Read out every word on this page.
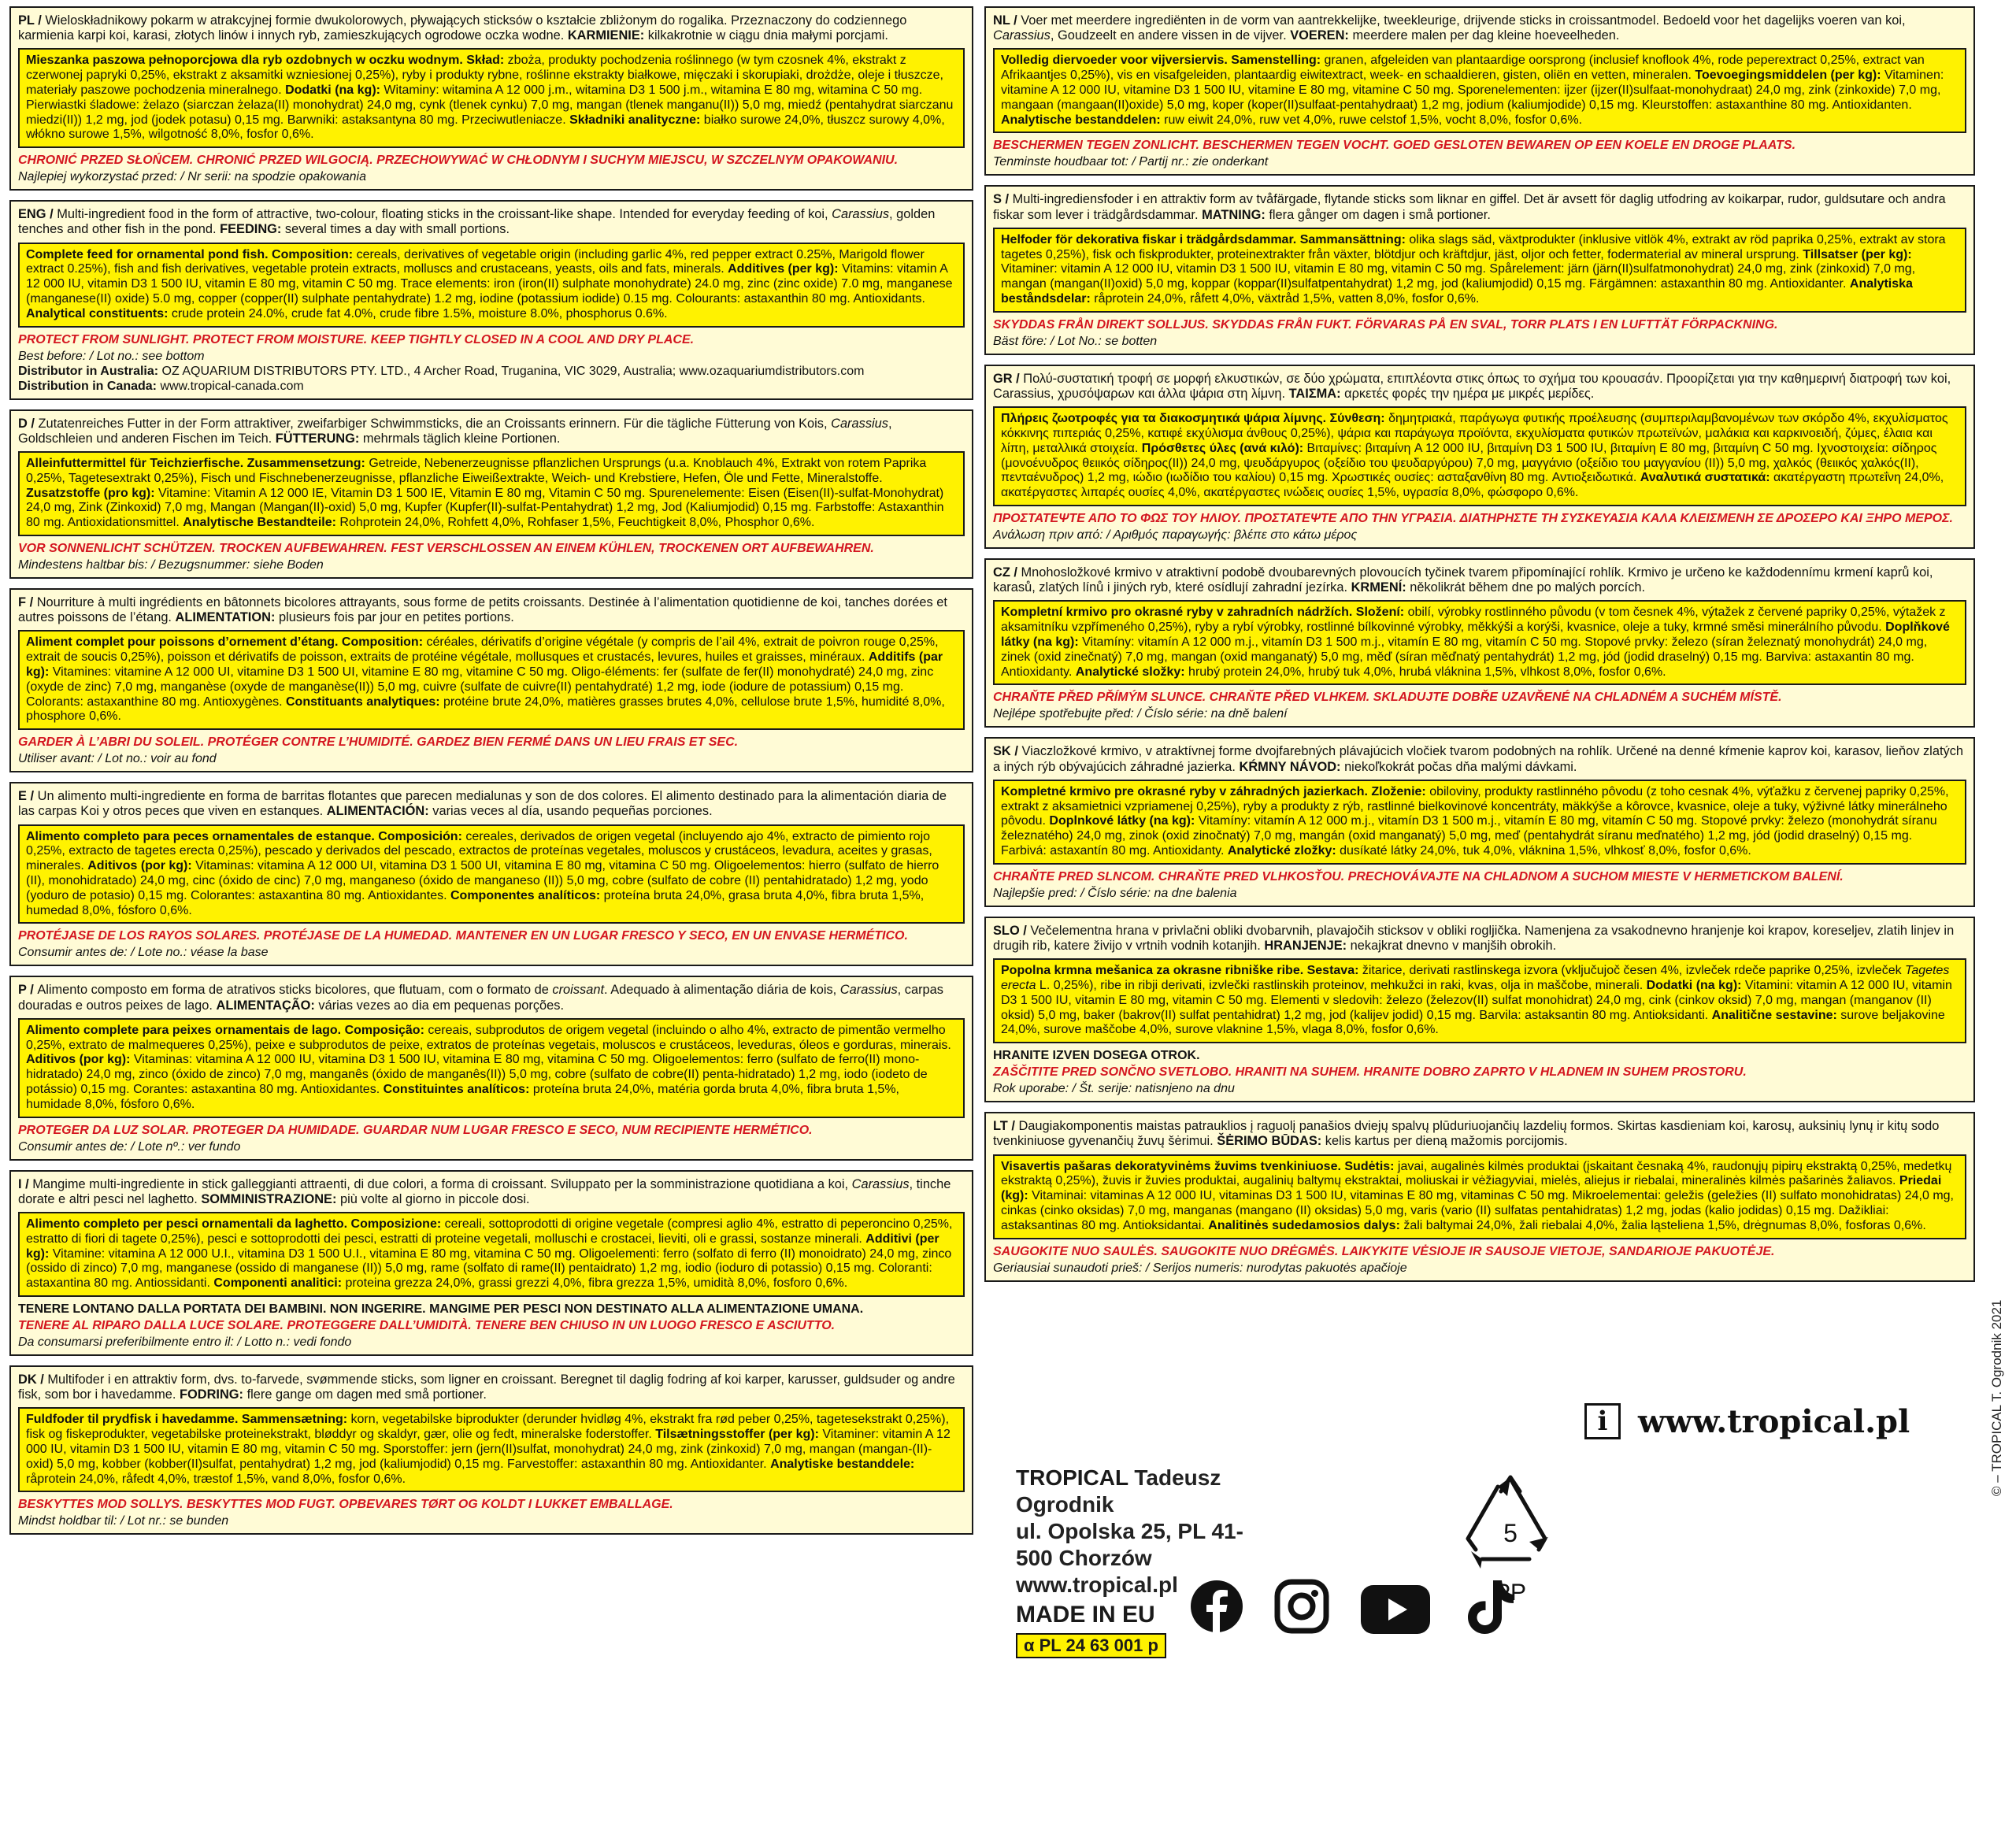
PL / Wieloskładnikowy pokarm w atrakcyjnej formie dwukolorowych, pływających sticksów o kształcie zbliżonym do rogalika. Przeznaczony do codziennego karmienia karpi koi, karasi, złotych linów i innych ryb, zamieszkujących ogrodowe oczka wodne. KARMIENIE: kilkakrotnie w ciągu dnia małymi porcjami.

Mieszanka paszowa pełnoporcjowa dla ryb ozdobnych w oczku wodnym. Skład: zboża, produkty pochodzenia roślinnego (w tym czosnek 4%, ekstrakt z czerwonej papryki 0,25%, ekstrakt z aksamitki wzniesionej 0,25%), ryby i produkty rybne, roślinne ekstrakty białkowe, mięczaki i skorupiaki, drożdże, oleje i tłuszcze, materiały paszowe pochodzenia mineralnego. Dodatki (na kg): Witaminy: witamina A 12 000 j.m., witamina D3 1 500 j.m., witamina E 80 mg, witamina C 50 mg. Pierwiastki śladowe: żelazo (siarczan żelaza(II) monohydrat) 24,0 mg, cynk (tlenek cynku) 7,0 mg, mangan (tlenek manganu(II)) 5,0 mg, miedź (pentahydrat siarczanu miedzi(II)) 1,2 mg, jod (jodek potasu) 0,15 mg. Barwniki: astaksantyna 80 mg. Przeciwutleniacze. Składniki analityczne: białko surowe 24,0%, tłuszcz surowy 4,0%, włókno surowe 1,5%, wilgotność 8,0%, fosfor 0,6%.

CHRONIĆ PRZED SŁOŃCEM. CHRONIĆ PRZED WILGOCIĄ. PRZECHOWYWAĆ W CHŁODNYM I SUCHYM MIEJSCU, W SZCZELNYM OPAKOWANIU.

Najlepiej wykorzystać przed: / Nr serii: na spodzie opakowania

ENG / Multi-ingredient food in the form of attractive, two-colour, floating sticks in the croissant-like shape. Intended for everyday feeding of koi, Carassius, golden tenches and other fish in the pond. FEEDING: several times a day with small portions.

Complete feed for ornamental pond fish. Composition: cereals, derivatives of vegetable origin (including garlic 4%, red pepper extract 0.25%, Marigold flower extract 0.25%), fish and fish derivatives, vegetable protein extracts, molluscs and crustaceans, yeasts, oils and fats, minerals. Additives (per kg): Vitamins: vitamin A 12 000 IU, vitamin D3 1 500 IU, vitamin E 80 mg, vitamin C 50 mg. Trace elements: iron (iron(II) sulphate monohydrate) 24.0 mg, zinc (zinc oxide) 7.0 mg, manganese (manganese(II) oxide) 5.0 mg, copper (copper(II) sulphate pentahydrate) 1.2 mg, iodine (potassium iodide) 0.15 mg. Colourants: astaxanthin 80 mg. Antioxidants. Analytical constituents: crude protein 24.0%, crude fat 4.0%, crude fibre 1.5%, moisture 8.0%, phosphorus 0.6%.

PROTECT FROM SUNLIGHT. PROTECT FROM MOISTURE. KEEP TIGHTLY CLOSED IN A COOL AND DRY PLACE.

Best before: / Lot no.: see bottom

Distributor in Australia: OZ AQUARIUM DISTRIBUTORS PTY. LTD., 4 Archer Road, Truganina, VIC 3029, Australia; www.ozaquariumdistributors.com

Distribution in Canada: www.tropical-canada.com

D / Zutatenreiches Futter in der Form attraktiver, zweifarbiger Schwimmsticks, die an Croissants erinnern. Für die tägliche Fütterung von Kois, Carassius, Goldschleien und anderen Fischen im Teich. FÜTTERUNG: mehrmals täglich kleine Portionen.

Alleinfuttermittel für Teichzierfische. Zusammensetzung: Getreide, Nebenerzeugnisse pflanzlichen Ursprungs (u.a. Knoblauch 4%, Extrakt von rotem Paprika 0,25%, Tagetesextrakt 0,25%), Fisch und Fischnebenerzeugnisse, pflanzliche Eiweißextrakte, Weich- und Krebstiere, Hefen, Öle und Fette, Mineralstoffe. Zusatzstoffe (pro kg): Vitamine: Vitamin A 12 000 IE, Vitamin D3 1 500 IE, Vitamin E 80 mg, Vitamin C 50 mg. Spurenelemente: Eisen (Eisen(II)-sulfat-Monohydrat) 24,0 mg, Zink (Zinkoxid) 7,0 mg, Mangan (Mangan(II)-oxid) 5,0 mg, Kupfer (Kupfer(II)-sulfat-Pentahydrat) 1,2 mg, Jod (Kaliumjodid) 0,15 mg. Farbstoffe: Astaxanthin 80 mg. Antioxidationsmittel. Analytische Bestandteile: Rohprotein 24,0%, Rohfett 4,0%, Rohfaser 1,5%, Feuchtigkeit 8,0%, Phosphor 0,6%.

VOR SONNENLICHT SCHÜTZEN. TROCKEN AUFBEWAHREN. FEST VERSCHLOSSEN AN EINEM KÜHLEN, TROCKENEN ORT AUFBEWAHREN.

Mindestens haltbar bis: / Bezugsnummer: siehe Boden

F / Nourriture à multi ingrédients en bâtonnets bicolores attrayants, sous forme de petits croissants. Destinée à l’alimentation quotidienne de koi, tanches dorées et autres poissons de l’étang. ALIMENTATION: plusieurs fois par jour en petites portions.

Aliment complet pour poissons d’ornement d’étang. Composition: céréales, dérivatifs d’origine végétale (y compris de l’ail 4%, extrait de poivron rouge 0,25%, extrait de soucis 0,25%), poisson et dérivatifs de poisson, extraits de protéine végétale, mollusques et crustacés, levures, huiles et graisses, minéraux. Additifs (par kg): Vitamines: vitamine A 12 000 UI, vitamine D3 1 500 UI, vitamine E 80 mg, vitamine C 50 mg. Oligo-éléments: fer (sulfate de fer(II) monohydraté) 24,0 mg, zinc (oxyde de zinc) 7,0 mg, manganèse (oxyde de manganèse(II)) 5,0 mg, cuivre (sulfate de cuivre(II) pentahydraté) 1,2 mg, iode (iodure de potassium) 0,15 mg. Colorants: astaxanthine 80 mg. Antioxygènes. Constituants analytiques: protéine brute 24,0%, matières grasses brutes 4,0%, cellulose brute 1,5%, humidité 8,0%, phosphore 0,6%.

GARDER À L’ABRI DU SOLEIL. PROTÉGER CONTRE L’HUMIDITÉ. GARDEZ BIEN FERMÉ DANS UN LIEU FRAIS ET SEC.

Utiliser avant: / Lot no.: voir au fond

E / Un alimento multi-ingrediente en forma de barritas flotantes que parecen medialunas y son de dos colores. El alimento destinado para la alimentación diaria de las carpas Koi y otros peces que viven en estanques. ALIMENTACIÓN: varias veces al día, usando pequeñas porciones.

Alimento completo para peces ornamentales de estanque. Composición: cereales, derivados de origen vegetal (incluyendo ajo 4%, extracto de pimiento rojo 0,25%, extracto de tagetes erecta 0,25%), pescado y derivados del pescado, extractos de proteínas vegetales, moluscos y crustáceos, levadura, aceites y grasas, minerales. Aditivos (por kg): Vitaminas: vitamina A 12 000 UI, vitamina D3 1 500 UI, vitamina E 80 mg, vitamina C 50 mg. Oligoelementos: hierro (sulfato de hierro (II), monohidratado) 24,0 mg, cinc (óxido de cinc) 7,0 mg, manganeso (óxido de manganeso (II)) 5,0 mg, cobre (sulfato de cobre (II) pentahidratado) 1,2 mg, yodo (yoduro de potasio) 0,15 mg. Colorantes: astaxantina 80 mg. Antioxidantes. Componentes analíticos: proteína bruta 24,0%, grasa bruta 4,0%, fibra bruta 1,5%, humedad 8,0%, fósforo 0,6%.

PROTÉJASE DE LOS RAYOS SOLARES. PROTÉJASE DE LA HUMEDAD. MANTENER EN UN LUGAR FRESCO Y SECO, EN UN ENVASE HERMÉTICO.

Consumir antes de: / Lote no.: véase la base

P / Alimento composto em forma de atrativos sticks bicolores, que flutuam, com o formato de croissant. Adequado à alimentação diária de kois, Carassius, carpas douradas e outros peixes de lago. ALIMENTAÇÃO: várias vezes ao dia em pequenas porções.

Alimento complete para peixes ornamentais de lago. Composição: cereais, subprodutos de origem vegetal (incluindo o alho 4%, extracto de pimentão vermelho 0,25%, extrato de malmequeres 0,25%), peixe e subprodutos de peixe, extratos de proteínas vegetais, moluscos e crustáceos, leveduras, óleos e gorduras, minerais. Aditivos (por kg): Vitaminas: vitamina A 12 000 IU, vitamina D3 1 500 IU, vitamina E 80 mg, vitamina C 50 mg. Oligoelementos: ferro (sulfato de ferro(II) mono-hidratado) 24,0 mg, zinco (óxido de zinco) 7,0 mg, manganês (óxido de manganês(II)) 5,0 mg, cobre (sulfato de cobre(II) penta-hidratado) 1,2 mg, iodo (iodeto de potássio) 0,15 mg. Corantes: astaxantina 80 mg. Antioxidantes. Constituintes analíticos: proteína bruta 24,0%, matéria gorda bruta 4,0%, fibra bruta 1,5%, humidade 8,0%, fósforo 0,6%.

PROTEGER DA LUZ SOLAR. PROTEGER DA HUMIDADE. GUARDAR NUM LUGAR FRESCO E SECO, NUM RECIPIENTE HERMÉTICO.

Consumir antes de: / Lote nº.: ver fundo

I / Mangime multi-ingrediente in stick galleggianti attraenti, di due colori, a forma di croissant. Sviluppato per la somministrazione quotidiana a koi, Carassius, tinche dorate e altri pesci nel laghetto. SOMMINISTRAZIONE: più volte al giorno in piccole dosi.

Alimento completo per pesci ornamentali da laghetto. Composizione: cereali, sottoprodotti di origine vegetale (compresi aglio 4%, estratto di peperoncino 0,25%, estratto di fiori di tagete 0,25%), pesci e sottoprodotti dei pesci, estratti di proteine vegetali, molluschi e crostacei, lieviti, oli e grassi, sostanze minerali. Additivi (per kg): Vitamine: vitamina A 12 000 U.I., vitamina D3 1 500 U.I., vitamina E 80 mg, vitamina C 50 mg. Oligoelementi: ferro (solfato di ferro (II) monoidrato) 24,0 mg, zinco (ossido di zinco) 7,0 mg, manganese (ossido di manganese (II)) 5,0 mg, rame (solfato di rame(II) pentaidrato) 1,2 mg, iodio (ioduro di potassio) 0,15 mg. Coloranti: astaxantina 80 mg. Antiossidanti. Componenti analitici: proteina grezza 24,0%, grassi grezzi 4,0%, fibra grezza 1,5%, umidità 8,0%, fosforo 0,6%.

TENERE LONTANO DALLA PORTATA DEI BAMBINI. NON INGERIRE. MANGIME PER PESCI NON DESTINATO ALLA ALIMENTAZIONE UMANA.

TENERE AL RIPARO DALLA LUCE SOLARE. PROTEGGERE DALL’UMIDITÀ. TENERE BEN CHIUSO IN UN LUOGO FRESCO E ASCIUTTO.

Da consumarsi preferibilmente entro il: / Lotto n.: vedi fondo

DK / Multifoder i en attraktiv form, dvs. to-farvede, svømmende sticks, som ligner en croissant. Beregnet til daglig fodring af koi karper, karusser, guldsuder og andre fisk, som bor i havedamme. FODRING: flere gange om dagen med små portioner.

Fuldfoder til prydfisk i havedamme. Sammensætning: korn, vegetabilske biprodukter (derunder hvidløg 4%, ekstrakt fra rød peber 0,25%, tagetesekstrakt 0,25%), fisk og fiskeprodukter, vegetabilske proteinekstrakt, bløddyr og skaldyr, gær, olie og fedt, mineralske foderstoffer. Tilsætningsstoffer (per kg): Vitaminer: vitamin A 12 000 IU, vitamin D3 1 500 IU, vitamin E 80 mg, vitamin C 50 mg. Sporstoffer: jern (jern(II)sulfat, monohydrat) 24,0 mg, zink (zinkoxid) 7,0 mg, mangan (mangan-(II)-oxid) 5,0 mg, kobber (kobber(II)sulfat, pentahydrat) 1,2 mg, jod (kaliumjodid) 0,15 mg. Farvestoffer: astaxanthin 80 mg. Antioxidanter. Analytiske bestanddele: råprotein 24,0%, råfedt 4,0%, træstof 1,5%, vand 8,0%, fosfor 0,6%.

BESKYTTES MOD SOLLYS. BESKYTTES MOD FUGT. OPBEVARES TØRT OG KOLDT I LUKKET EMBALLAGE.

Mindst holdbar til: / Lot nr.: se bunden

NL / Voer met meerdere ingrediënten in de vorm van aantrekkelijke, tweekleurige, drijvende sticks in croissantmodel. Bedoeld voor het dagelijks voeren van koi, Carassius, Goudzeelt en andere vissen in de vijver. VOEREN: meerdere malen per dag kleine hoeveelheden.

Volledig diervoeder voor vijversiervis. Samenstelling: granen, afgeleiden van plantaardige oorsprong (inclusief knoflook 4%, rode peperextract 0,25%, extract van Afrikaantjes 0,25%), vis en visafgeleiden, plantaardig eiwitextract, week- en schaaldieren, gisten, oliën en vetten, mineralen. Toevoegingsmiddelen (per kg): Vitaminen: vitamine A 12 000 IU, vitamine D3 1 500 IU, vitamine E 80 mg, vitamine C 50 mg. Sporenelementen: ijzer (ijzer(II)sulfaat-monohydraat) 24,0 mg, zink (zinkoxide) 7,0 mg, mangaan (mangaan(II)oxide) 5,0 mg, koper (koper(II)sulfaat-pentahydraat) 1,2 mg, jodium (kaliumjodide) 0,15 mg. Kleurstoffen: astaxanthine 80 mg. Antioxidanten. Analytische bestanddelen: ruw eiwit 24,0%, ruw vet 4,0%, ruwe celstof 1,5%, vocht 8,0%, fosfor 0,6%.

BESCHERMEN TEGEN ZONLICHT. BESCHERMEN TEGEN VOCHT. GOED GESLOTEN BEWAREN OP EEN KOELE EN DROGE PLAATS.

Tenminste houdbaar tot: / Partij nr.: zie onderkant

S / Multi-ingrediensfoder i en attraktiv form av tvåfärgade, flytande sticks som liknar en giffel. Det är avsett för daglig utfodring av koikarpar, rudor, guldsutare och andra fiskar som lever i trädgårdsdammar. MATNING: flera gånger om dagen i små portioner.

Helfoder för dekorativa fiskar i trädgårdsdammar. Sammansättning: olika slags säd, växtprodukter (inklusive vitlök 4%, extrakt av röd paprika 0,25%, extrakt av stora tagetes 0,25%), fisk och fiskprodukter, proteinextrakter från växter, blötdjur och kräftdjur, jäst, oljor och fetter, fodermaterial av mineral ursprung. Tillsatser (per kg): Vitaminer: vitamin A 12 000 IU, vitamin D3 1 500 IU, vitamin E 80 mg, vitamin C 50 mg. Spårelement: järn (järn(II)sulfatmonohydrat) 24,0 mg, zink (zinkoxid) 7,0 mg, mangan (mangan(II)oxid) 5,0 mg, koppar (koppar(II)sulfatpentahydrat) 1,2 mg, jod (kaliumjodid) 0,15 mg. Färgämnen: astaxanthin 80 mg. Antioxidanter. Analytiska beståndsdelar: råprotein 24,0%, råfett 4,0%, växtråd 1,5%, vatten 8,0%, fosfor 0,6%.

SKYDDAS FRÅN DIREKT SOLLJUS. SKYDDAS FRÅN FUKT. FÖRVARAS PÅ EN SVAL, TORR PLATS I EN LUFTTÄT FÖRPACKNING.

Bäst före: / Lot No.: se botten

GR / Πολύ-συστατική τροφή σε μορφή ελκυστικών, σε δύο χρώματα, επιπλέοντα στικς όπως το σχήμα του κρουασάν. Προορίζεται για την καθημερινή διατροφή των koi, Carassius, χρυσόψαρων και άλλα ψάρια στη λίμνη. ΤΑΙΣΜΑ: αρκετές φορές την ημέρα με μικρές μερίδες.

Πλήρεις ζωοτροφές για τα διακοσμητικά ψάρια λίμνης. Σύνθεση: δημητριακά, παράγωγα φυτικής προέλευσης (συμπεριλαμβανομένων των σκόρδο 4%, εκχυλίσματος κόκκινης πιπεριάς 0,25%, κατιφέ εκχύλισμα άνθους 0,25%), ψάρια και παράγωγα προϊόντα, εκχυλίσματα φυτικών πρωτεϊνών, μαλάκια και καρκινοειδή, ζύμες, έλαια και λίπη, μεταλλικά στοιχεία. Πρόσθετες ύλες (ανά κιλό): Βιταμίνες: βιταμίνη A 12 000 IU, βιταμίνη D3 1 500 IU, βιταμίνη E 80 mg, βιταμίνη C 50 mg. Ιχνοστοιχεία: σίδηρος (μονοένυδρος θειικός σίδηρος(II)) 24,0 mg, ψευδάργυρος (οξείδιο του ψευδαργύρου) 7,0 mg, μαγγάνιο (οξείδιο του μαγγανίου (II)) 5,0 mg, χαλκός (θειικός χαλκός(II), πενταένυδρος) 1,2 mg, ιώδιο (ιωδίδιο του καλίου) 0,15 mg. Χρωστικές ουσίες: ασταξανθίνη 80 mg. Αντιοξειδωτικά. Αναλυτικά συστατικά: ακατέργαστη πρωτεΐνη 24,0%, ακατέργαστες λιπαρές ουσίες 4,0%, ακατέργαστες ινώδεις ουσίες 1,5%, υγρασία 8,0%, φώσφορο 0,6%.

ΠΡΟΣΤΑΤΕΨΤΕ ΑΠΟ ΤΟ ΦΩΣ ΤΟΥ ΗΛΙΟΥ. ΠΡΟΣΤΑΤΕΨΤΕ ΑΠΟ ΤΗΝ ΥΓΡΑΣΙΑ. ΔΙΑΤΗΡΗΣΤΕ ΤΗ ΣΥΣΚΕΥΑΣΙΑ ΚΑΛΑ ΚΛΕΙΣΜΕΝΗ ΣΕ ΔΡΟΣΕΡΟ ΚΑΙ ΞΗΡΟ ΜΕΡΟΣ.

Ανάλωση πριν από: / Αριθμός παραγωγής: βλέπε στο κάτω μέρος

CZ / Mnohosložkové krmivo v atraktivní podobě dvoubarevných plovoucích tyčinek tvarem připomínající rohlík. Krmivo je určeno ke každodennímu krmení kaprů koi, karasů, zlatých línů i jiných ryb, které osídlují zahradní jezírka. KRMENÍ: několikrát během dne po malých porcích.

Kompletní krmivo pro okrasné ryby v zahradních nádržích. Složení: obilí, výrobky rostlinného původu (v tom česnek 4%, výtažek z červené papriky 0,25%, výtažek z aksamitníku vzpřímeného 0,25%), ryby a rybí výrobky, rostlinné bílkovinné výrobky, měkkýši a korýši, kvasnice, oleje a tuky, krmné směsi minerálního původu. Doplňkové látky (na kg): Vitamíny: vitamín A 12 000 m.j., vitamín D3 1 500 m.j., vitamín E 80 mg, vitamín C 50 mg. Stopové prvky: železo (síran železnatý monohydrát) 24,0 mg, zinek (oxid zinečnatý) 7,0 mg, mangan (oxid manganatý) 5,0 mg, měď (síran měďnatý pentahydrát) 1,2 mg, jód (jodid draselný) 0,15 mg. Barviva: astaxantin 80 mg. Antioxidanty. Analytické složky: hrubý protein 24,0%, hrubý tuk 4,0%, hrubá vláknina 1,5%, vlhkost 8,0%, fosfor 0,6%.

CHRAŇTE PŘED PŘÍMÝM SLUNCE. CHRAŇTE PŘED VLHKEM. SKLADUJTE DOBŘE UZAVŘENÉ NA CHLADNÉM A SUCHÉM MÍSTĚ.

Nejlépe spotřebujte před: / Číslo série: na dně balení

SK / Viaczložkové krmivo, v atraktívnej forme dvojfarebných plávajúcich vločiek tvarom podobných na rohlík. Určené na denné kŕmenie kaprov koi, karasov, lieňov zlatých a iných rýb obývajúcich záhradné jazierka. KŔMNY NÁVOD: niekoľkokrát počas dňa malými dávkami.

Kompletné krmivo pre okrasné ryby v záhradných jazierkach. Zloženie: obiloviny, produkty rastlinného pôvodu (z toho cesnak 4%, výťažku z červenej papriky 0,25%, extrakt z aksamietnici vzpriamenej 0,25%), ryby a produkty z rýb, rastlinné bielkovinové koncentráty, mäkkýše a kôrovce, kvasnice, oleje a tuky, výživné látky minerálneho pôvodu. Doplnkové látky (na kg): Vitamíny: vitamín A 12 000 m.j., vitamín D3 1 500 m.j., vitamín E 80 mg, vitamín C 50 mg. Stopové prvky: železo (monohydrát síranu železnatého) 24,0 mg, zinok (oxid zinočnatý) 7,0 mg, mangán (oxid manganatý) 5,0 mg, meď (pentahydrát síranu meďnatého) 1,2 mg, jód (jodid draselný) 0,15 mg. Farbivá: astaxantín 80 mg. Antioxidanty. Analytické zložky: dusíkaté látky 24,0%, tuk 4,0%, vláknina 1,5%, vlhkosť 8,0%, fosfor 0,6%.

CHRAŇTE PRED SLNCOM. CHRAŇTE PRED VLHKOSŤOU. PRECHOVÁVAJTE NA CHLADNOM A SUCHOM MIESTE V HERMETICKOM BALENÍ.

Najlepšie pred: / Číslo série: na dne balenia

SLO / Večelementna hrana v privlačni obliki dvobarvnih, plavajočih sticksov v obliki rogljička. Namenjena za vsakodnevno hranjenje koi krapov, koreseljev, zlatih linjev in drugih rib, katere živijo v vrtnih vodnih kotanjih. HRANJENJE: nekajkrat dnevno v manjših obrokih.

Popolna krmna mešanica za okrasne ribniške ribe. Sestava: žitarice, derivati rastlinskega izvora (vključujoč česen 4%, izvleček rdeče paprike 0,25%, izvleček Tagetes erecta L. 0,25%), ribe in ribji derivati, izvlečki rastlinskih proteinov, mehkužci in raki, kvas, olja in maščobe, minerali. Dodatki (na kg): Vitamini: vitamin A 12 000 IU, vitamin D3 1 500 IU, vitamin E 80 mg, vitamin C 50 mg. Elementi v sledovih: železo (železov(II) sulfat monohidrat) 24,0 mg, cink (cinkov oksid) 7,0 mg, mangan (manganov (II) oksid) 5,0 mg, baker (bakrov(II) sulfat pentahidrat) 1,2 mg, jod (kalijev jodid) 0,15 mg. Barvila: astaksantin 80 mg. Antioksidanti. Analitične sestavine: surove beljakovine 24,0%, surove maščobe 4,0%, surove vlaknine 1,5%, vlaga 8,0%, fosfor 0,6%.

HRANITE IZVEN DOSEGA OTROK.

ZAŠČITITE PRED SONČNO SVETLOBO. HRANITI NA SUHEM. HRANITE DOBRO ZAPRTO V HLADNEM IN SUHEM PROSTORU.

Rok uporabe: / Št. serije: natisnjeno na dnu

LT / Daugiakomponentis maistas patrauklios į raguolį panašios dviejų spalvų plūduriuojančių lazdelių formos. Skirtas kasdieniam koi, karosų, auksinių lynų ir kitų sodo tvenkiniuose gyvenančių žuvų šėrimui. ŠĖRIMO BŪDAS: kelis kartus per dieną mažomis porcijomis.

Visavertis pašaras dekoratyvinėms žuvims tvenkiniuose. Sudėtis: javai, augalinės kilmės produktai (įskaitant česnaką 4%, raudonųjų pipirų ekstraktą 0,25%, medetkų ekstraktą 0,25%), žuvis ir žuvies produktai, augalinių baltymų ekstraktai, moliuskai ir vėžiagyviai, mielės, aliejus ir riebalai, mineralinės kilmės pašarinės žaliavos. Priedai (kg): Vitaminai: vitaminas A 12 000 IU, vitaminas D3 1 500 IU, vitaminas E 80 mg, vitaminas C 50 mg. Mikroelementai: geležis (geležies (II) sulfato monohidratas) 24,0 mg, cinkas (cinko oksidas) 7,0 mg, manganas (mangano (II) oksidas) 5,0 mg, varis (vario (II) sulfatas pentahidratas) 1,2 mg, jodas (kalio jodidas) 0,15 mg. Dažikliai: astaksantinas 80 mg. Antioksidantai. Analitinės sudedamosios dalys: žali baltymai 24,0%, žali riebalai 4,0%, žalia ląsteliena 1,5%, drėgnumas 8,0%, fosforas 0,6%.

SAUGOKITE NUO SAULĖS. SAUGOKITE NUO DRĖGMĖS. LAIKYKITE VĖSIOJE IR SAUSOJE VIETOJE, SANDARIOJE PAKUOTĖJE.

Geriausiai sunaudoti prieš: / Serijos numeris: nurodytas pakuotės apačioje

i www.tropical.pl
TROPICAL Tadeusz Ogrodnik
ul. Opolska 25, PL 41-500 Chorzów
www.tropical.pl
MADE IN EU
α PL 24 63 001 p
5
PP
© – TROPICAL T. Ogrodnik 2021
